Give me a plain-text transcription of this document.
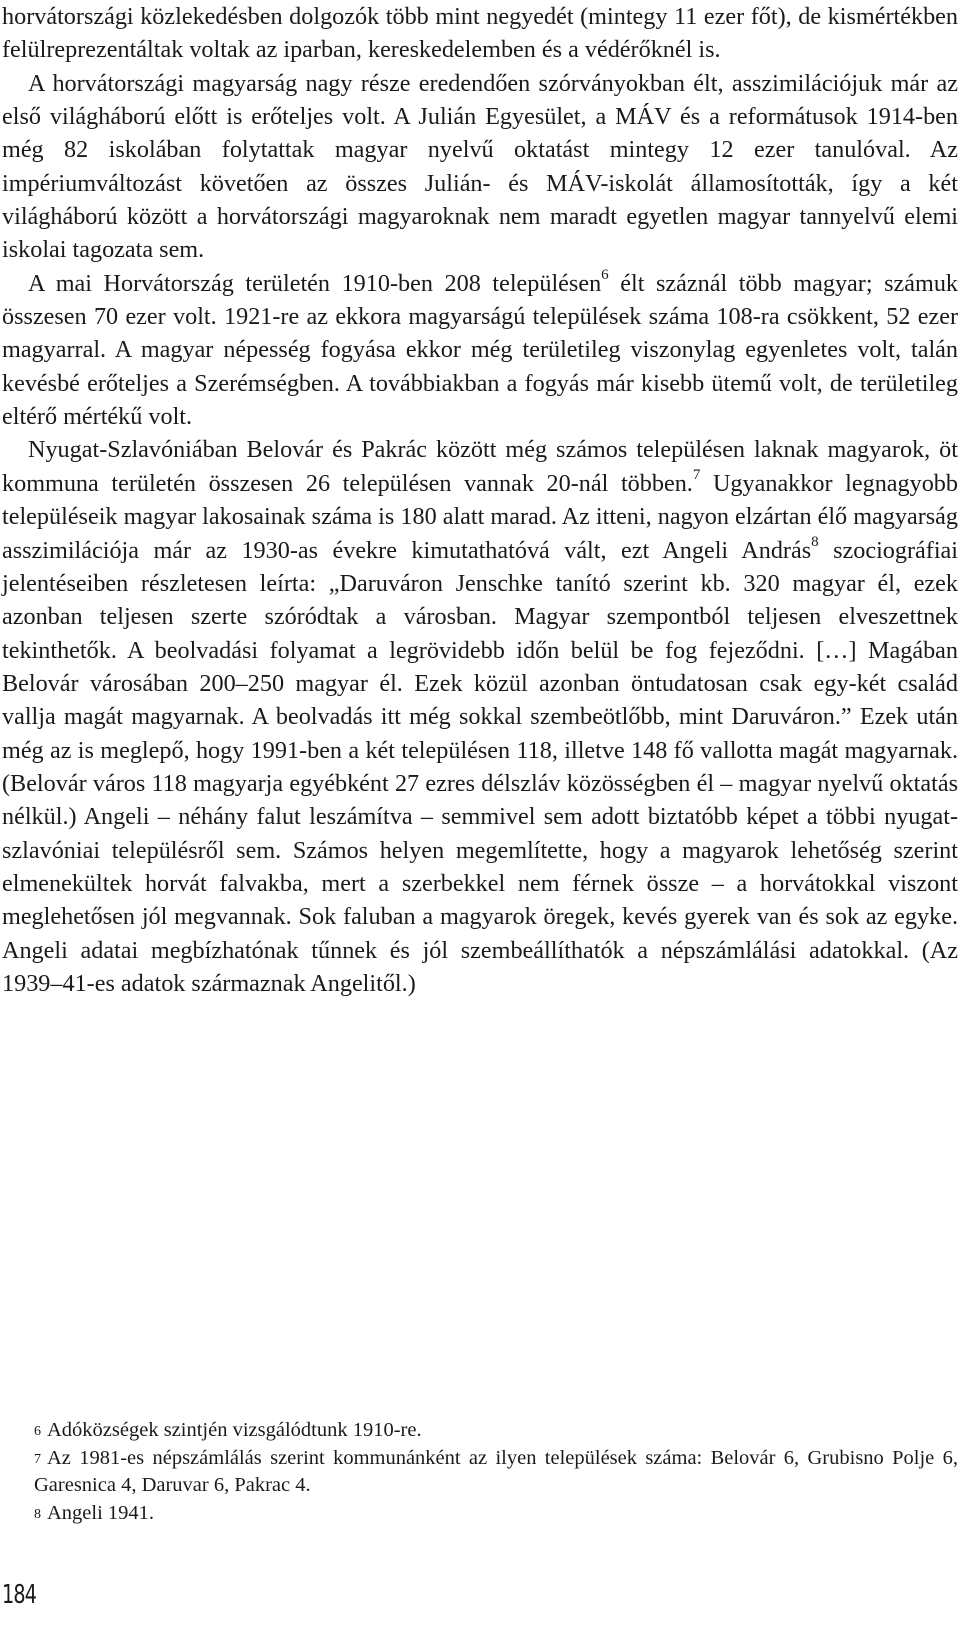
horvátországi közlekedésben dolgozók több mint negyedét (mintegy 11 ezer főt), de kismértékben felülreprezentáltak voltak az iparban, kereskedelemben és a védérőknél is.

A horvátországi magyarság nagy része eredendően szórványokban élt, asszimilációjuk már az első világháború előtt is erőteljes volt. A Julián Egyesület, a MÁV és a reformátusok 1914-ben még 82 iskolában folytattak magyar nyelvű oktatást mintegy 12 ezer tanulóval. Az impériumváltozást követően az összes Julián- és MÁV-iskolát államosították, így a két világháború között a horvátországi magyaroknak nem maradt egyetlen magyar tannyelvű elemi iskolai tagozata sem.

A mai Horvátország területén 1910-ben 208 településen$^6$ élt száznál több magyar; számuk összesen 70 ezer volt. 1921-re az ekkora magyarságú települések száma 108-ra csökkent, 52 ezer magyarral. A magyar népesség fogyása ekkor még területileg viszonylag egyenletes volt, talán kevésbé erőteljes a Szerémségben. A továbbiakban a fogyás már kisebb ütemű volt, de területileg eltérő mértékű volt.

Nyugat-Szlavóniában Belovár és Pakrác között még számos településen laknak magyarok, öt kommuna területén összesen 26 településen vannak 20-nál többen.$^7$ Ugyanakkor legnagyobb településeik magyar lakosainak száma is 180 alatt marad. Az itteni, nagyon elzártan élő magyarság asszimilációja már az 1930-as évekre kimutathatóvá vált, ezt Angeli András$^8$ szociográfiai jelentéseiben részletesen leírta: „Daruváron Jenschke tanító szerint kb. 320 magyar él, ezek azonban teljesen szerte szóródtak a városban. Magyar szempontból teljesen elveszettnek tekinthetők. A beolvadási folyamat a legrövidebb időn belül be fog fejeződni. […] Magában Belovár városában 200–250 magyar él. Ezek közül azonban öntudatosan csak egy-két család vallja magát magyarnak. A beolvadás itt még sokkal szembeötlőbb, mint Daruváron.” Ezek után még az is meglepő, hogy 1991-ben a két településen 118, illetve 148 fő vallotta magát magyarnak. (Belovár város 118 magyarja egyébként 27 ezres délszláv közösségben él – magyar nyelvű oktatás nélkül.) Angeli – néhány falut leszámítva – semmivel sem adott biztatóbb képet a többi nyugat-szlavóniai településről sem. Számos helyen megemlítette, hogy a magyarok lehetőség szerint elmenekültek horvát falvakba, mert a szerbekkel nem férnek össze – a horvátokkal viszont meglehetősen jól megvannak. Sok faluban a magyarok öregek, kevés gyerek van és sok az egyke. Angeli adatai megbízhatónak tűnnek és jól szembeállíthatók a népszámlálási adatokkal. (Az 1939–41-es adatok származnak Angelitől.)

$^6$ Adóközségek szintjén vizsgálódtunk 1910-re.

$^7$ Az 1981-es népszámlálás szerint kommunánként az ilyen települések száma: Belovár 6, Grubisno Polje 6, Garesnica 4, Daruvar 6, Pakrac 4.

$^8$ Angeli 1941.

184
